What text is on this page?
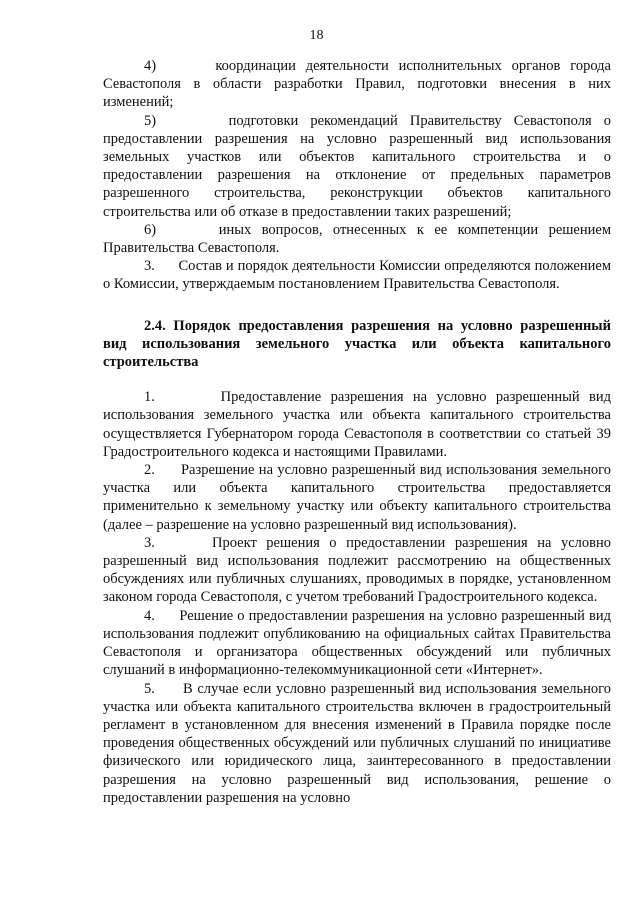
18

4)      координации деятельности исполнительных органов города Севастополя в области разработки Правил, подготовки внесения в них изменений;

5)      подготовки рекомендаций Правительству Севастополя о предоставлении разрешения на условно разрешенный вид использования земельных участков или объектов капитального строительства и о предоставлении разрешения на отклонение от предельных параметров разрешенного строительства, реконструкции объектов капитального строительства или об отказе в предоставлении таких разрешений;

6)      иных вопросов, отнесенных к ее компетенции решением Правительства Севастополя.

3.      Состав и порядок деятельности Комиссии определяются положением о Комиссии, утверждаемым постановлением Правительства Севастополя.

2.4. Порядок предоставления разрешения на условно разрешенный вид использования земельного участка или объекта капитального строительства

1.       Предоставление разрешения на условно разрешенный вид использования земельного участка или объекта капитального строительства осуществляется Губернатором города Севастополя в соответствии со статьей 39 Градостроительного кодекса и настоящими Правилами.

2.      Разрешение на условно разрешенный вид использования земельного участка или объекта капитального строительства предоставляется применительно к земельному участку или объекту капитального строительства (далее – разрешение на условно разрешенный вид использования).

3.      Проект решения о предоставлении разрешения на условно разрешенный вид использования подлежит рассмотрению на общественных обсуждениях или публичных слушаниях, проводимых в порядке, установленном законом города Севастополя, с учетом требований Градостроительного кодекса.

4.      Решение о предоставлении разрешения на условно разрешенный вид использования подлежит опубликованию на официальных сайтах Правительства Севастополя и организатора общественных обсуждений или публичных слушаний в информационно-телекоммуникационной сети «Интернет».

5.      В случае если условно разрешенный вид использования земельного участка или объекта капитального строительства включен в градостроительный регламент в установленном для внесения изменений в Правила порядке после проведения общественных обсуждений или публичных слушаний по инициативе физического или юридического лица, заинтересованного в предоставлении разрешения на условно разрешенный вид использования, решение о предоставлении разрешения на условно
